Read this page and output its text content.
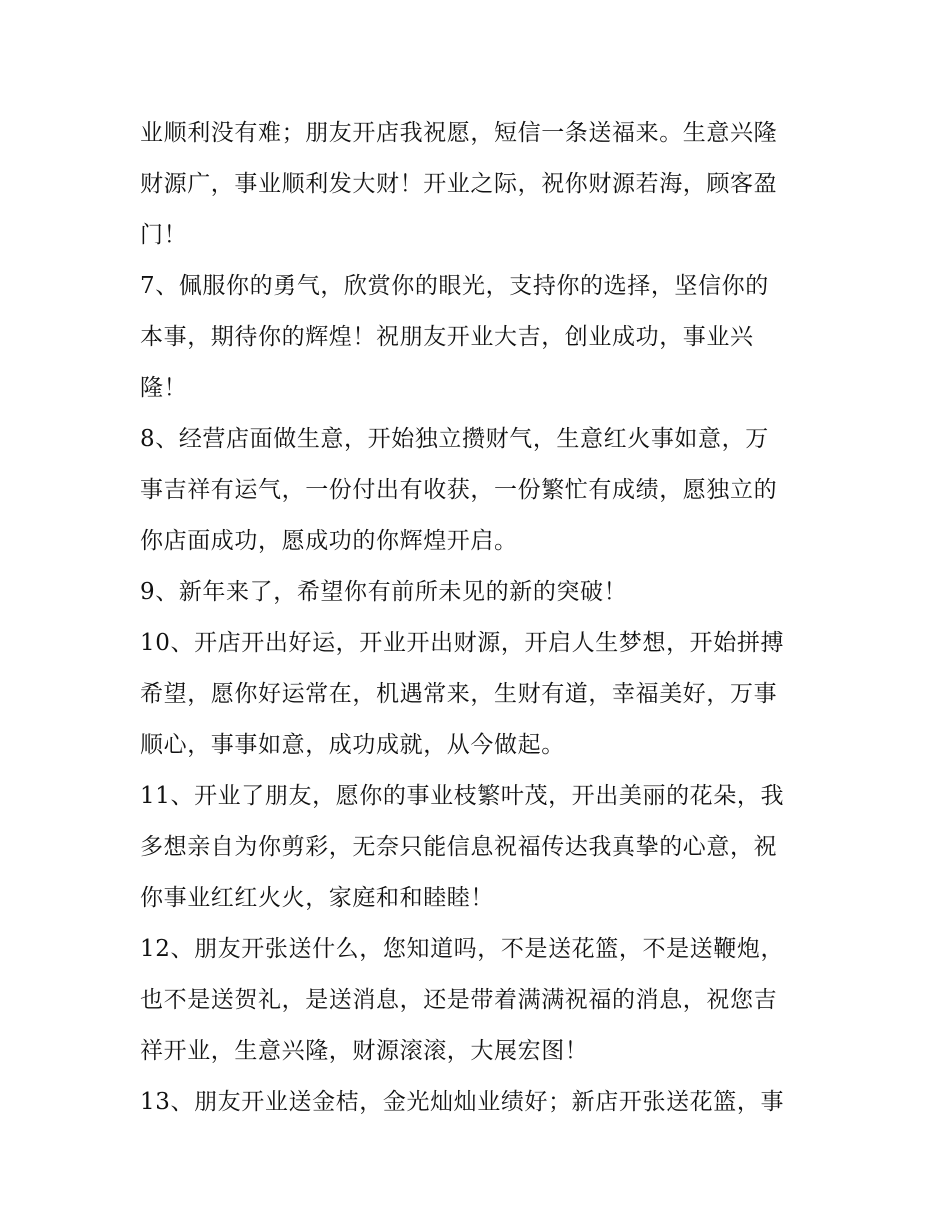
业顺利没有难；朋友开店我祝愿，短信一条送福来。生意兴隆
财源广，事业顺利发大财！开业之际，祝你财源若海，顾客盈
门！
7、佩服你的勇气，欣赏你的眼光，支持你的选择，坚信你的
本事，期待你的辉煌！祝朋友开业大吉，创业成功，事业兴
隆！
8、经营店面做生意，开始独立攒财气，生意红火事如意，万
事吉祥有运气，一份付出有收获，一份繁忙有成绩，愿独立的
你店面成功，愿成功的你辉煌开启。
9、新年来了，希望你有前所未见的新的突破！
10、开店开出好运，开业开出财源，开启人生梦想，开始拼搏
希望，愿你好运常在，机遇常来，生财有道，幸福美好，万事
顺心，事事如意，成功成就，从今做起。
11、开业了朋友，愿你的事业枝繁叶茂，开出美丽的花朵，我
多想亲自为你剪彩，无奈只能信息祝福传达我真挚的心意，祝
你事业红红火火，家庭和和睦睦！
12、朋友开张送什么，您知道吗，不是送花篮，不是送鞭炮，
也不是送贺礼，是送消息，还是带着满满祝福的消息，祝您吉
祥开业，生意兴隆，财源滚滚，大展宏图！
13、朋友开业送金桔，金光灿灿业绩好；新店开张送花篮，事
